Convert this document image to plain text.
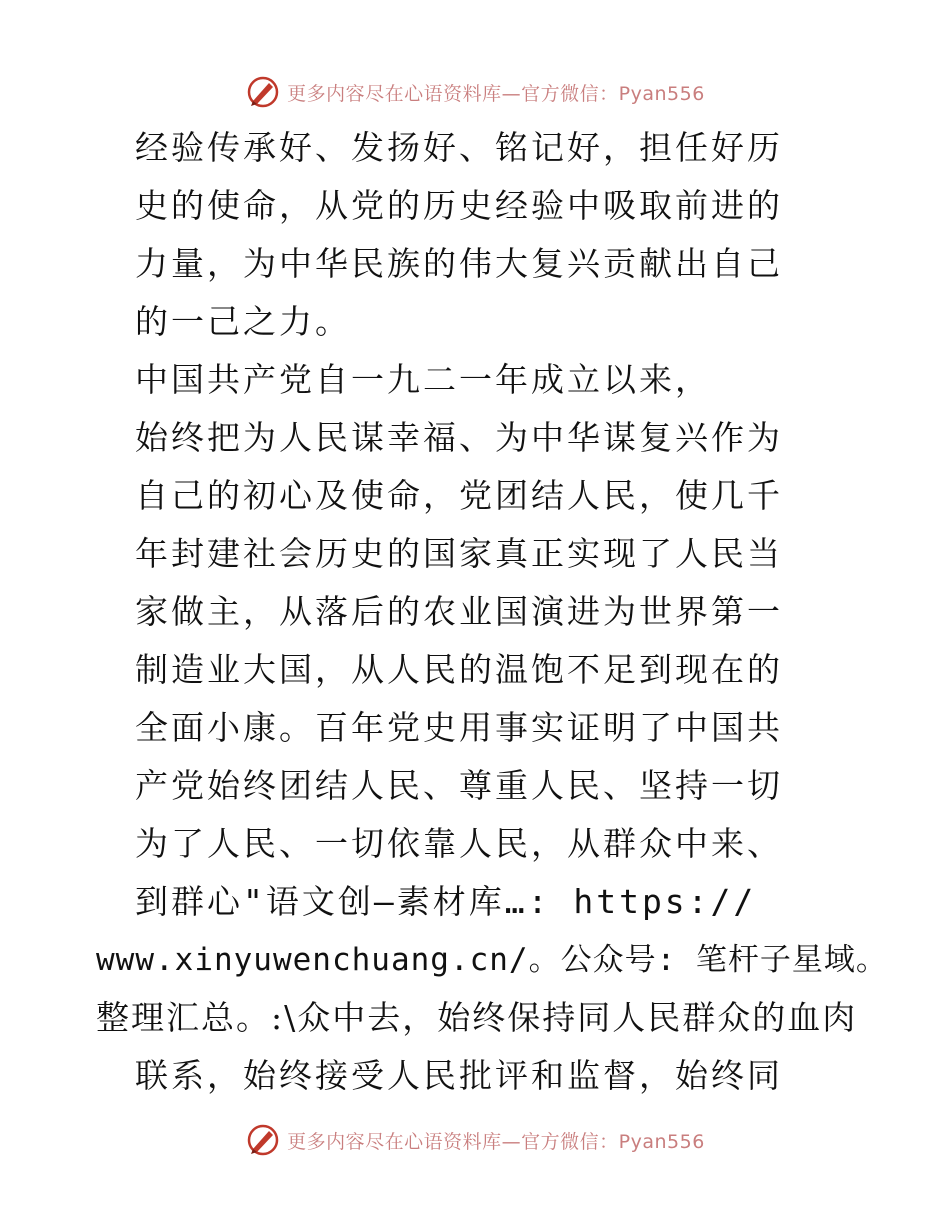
更多内容尽在心语资料库—官方微信：Pyan556
经验传承好、发扬好、铭记好，担任好历
史的使命，从党的历史经验中吸取前进的
力量，为中华民族的伟大复兴贡献出自己
的一己之力。
中国共产党自一九二一年成立以来，
始终把为人民谋幸福、为中华谋复兴作为
自己的初心及使命，党团结人民，使几千
年封建社会历史的国家真正实现了人民当
家做主，从落后的农业国演进为世界第一
制造业大国，从人民的温饱不足到现在的
全面小康。百年党史用事实证明了中国共
产党始终团结人民、尊重人民、坚持一切
为了人民、一切依靠人民，从群众中来、
到群心"语文创—素材库…: https://
www.xinyuwenchuang.cn/。公众号: 笔杆子星域。
整理汇总。:\众中去，始终保持同人民群众的血肉
联系，始终接受人民批评和监督，始终同
更多内容尽在心语资料库—官方微信：Pyan556
